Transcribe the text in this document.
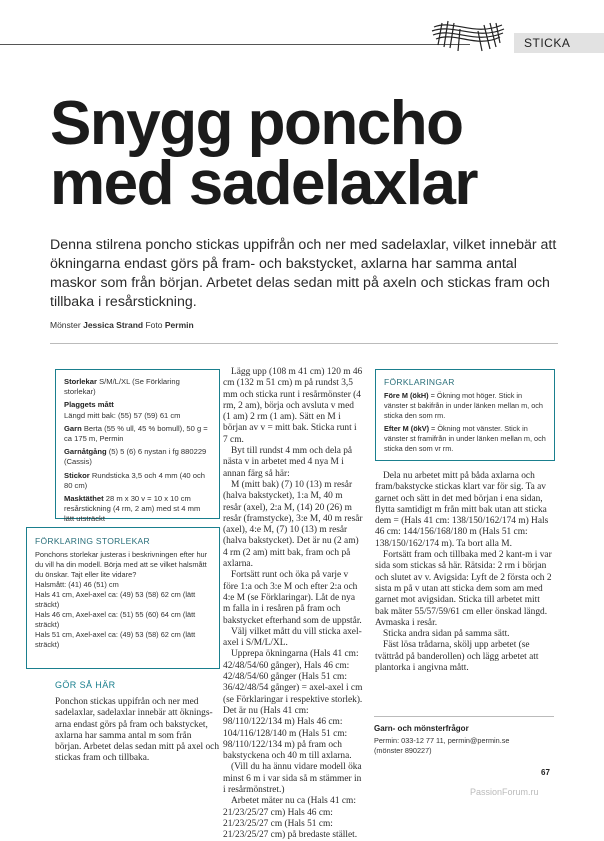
STICKA
Snygg poncho
med sadelaxlar
Denna stilrena poncho stickas uppifrån och ner med sadelaxlar, vilket innebär att ökningarna endast görs på fram- och bakstycket, axlarna har samma antal maskor som från början. Arbetet delas sedan mitt på axeln och stickas fram och tillbaka i resårstickning.
Mönster Jessica Strand Foto Permin

Storlekar S/M/L/XL (Se Förklaring storlekar)

Plaggets mått
Längd mitt bak: (55) 57 (59) 61 cm

Garn Berta (55 % ull, 45 % bomull), 50 g = ca 175 m, Permin

Garnåtgång (5) 5 (6) 6 nystan i fg 880229 (Cassis)

Stickor Rundsticka 3,5 och 4 mm (40 och 80 cm)

Masktäthet 28 m x 30 v = 10 x 10 cm resårstickning (4 rm, 2 am) med st 4 mm lätt utsträckt

FÖRKLARING STORLEKAR
Ponchons storlekar justeras i beskrivningen efter hur du vill ha din modell. Börja med att se vilket halsmått du önskar. Tajt eller lite vidare?
Halsmått: (41) 46 (51) cm
Hals 41 cm, Axel-axel ca: (49) 53 (58) 62 cm (lätt sträckt)
Hals 46 cm, Axel-axel ca: (51) 55 (60) 64 cm (lätt sträckt)
Hals 51 cm, Axel-axel ca: (49) 53 (58) 62 cm (lätt sträckt)
GÖR SÅ HÄR

Ponchon stickas uppifrån och ner med sadelaxlar, sadelaxlar innebär att ökningsarna endast görs på fram och bakstycket, axlarna har samma antal m som från början. Arbetet delas sedan mitt på axel och stickas fram och tillbaka.

Lägg upp (108 m 41 cm) 120 m 46 cm (132 m 51 cm) m på rundst 3,5 mm och sticka runt i resårmönster (4 rm, 2 am), börja och avsluta v med (1 am) 2 rm (1 am). Sätt en M i början av v = mitt bak. Sticka runt i 7 cm.

Byt till rundst 4 mm och dela på nästa v in arbetet med 4 nya M i annan färg så här:

M (mitt bak) (7) 10 (13) m resår (halva bakstycket), 1:a M, 40 m resår (axel), 2:a M, (14) 20 (26) m resår (framstycke), 3:e M, 40 m resår (axel), 4:e M, (7) 10 (13) m resår (halva bakstycket). Det är nu (2 am) 4 rm (2 am) mitt bak, fram och på axlarna.

Fortsätt runt och öka på varje v före 1:a och 3:e M och efter 2:a och 4:e M (se Förklaringar). Låt de nya m falla in i resåren på fram och bakstycket efterhand som de uppstår.

Välj vilket mått du vill sticka axel-axel i S/M/L/XL.

Upprepa ökningarna (Hals 41 cm: 42/48/54/60 gånger), Hals 46 cm: 42/48/54/60 gånger (Hals 51 cm: 36/42/48/54 gånger) = axel-axel i cm (se Förklaringar i respektive storlek). Det är nu (Hals 41 cm: 98/110/122/134 m) Hals 46 cm: 104/116/128/140 m (Hals 51 cm: 98/110/122/134 m) på fram och bakstyckena och 40 m till axlarna.

(Vill du ha ännu vidare modell öka minst 6 m i var sida så m stämmer in i resårmönstret.)

Arbetet mäter nu ca (Hals 41 cm: 21/23/25/27 cm) Hals 46 cm: 21/23/25/27 cm (Hals 51 cm: 21/23/25/27 cm) på bredaste stället.

FÖRKLARINGAR
Före M (ökH) = Ökning mot höger. Stick in vänster st bakifrån in under länken mellan m, och sticka den som rm.
Efter M (ökV) = Ökning mot vänster. Stick in vänster st framifrån in under länken mellan m, och sticka den som vr rm.

Dela nu arbetet mitt på båda axlarna och fram/bakstycke stickas klart var för sig. Ta av garnet och sätt in det med början i ena sidan, flytta samtidigt m från mitt bak utan att sticka dem = (Hals 41 cm: 138/150/162/174 m) Hals 46 cm: 144/156/168/180 m (Hals 51 cm: 138/150/162/174 m). Ta bort alla M.

Fortsätt fram och tillbaka med 2 kant-m i var sida som stickas så här. Rätsida: 2 rm i början och slutet av v. Avigsida: Lyft de 2 första och 2 sista m på v utan att sticka dem som am med garnet mot avigsidan. Sticka till arbetet mitt bak mäter 55/57/59/61 cm eller önskad längd. Avmaska i resår.

Sticka andra sidan på samma sätt.

Fäst lösa trådarna, skölj upp arbetet (se tvättråd på banderollen) och lägg arbetet att plantorka i angivna mått.

Garn- och mönsterfrågor
Permin: 033-12 77 11, permin@permin.se
(mönster 890227)
67
PassionForum.ru
